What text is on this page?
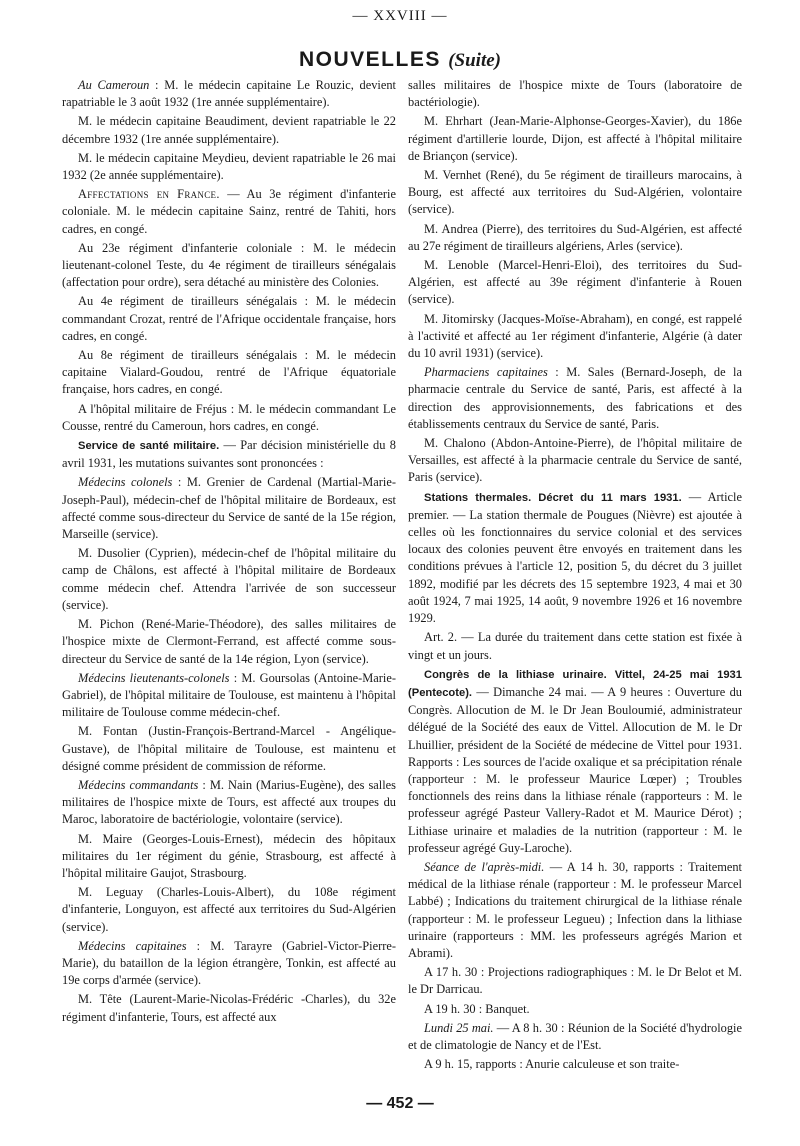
— XXVIII —
NOUVELLES (Suite)

Au Cameroun : M. le médecin capitaine Le Rouzic, devient rapatriable le 3 août 1932 (1re année supplémentaire).

M. le médecin capitaine Beaudiment, devient rapatriable le 22 décembre 1932 (1re année supplémentaire).

M. le médecin capitaine Meydieu, devient rapatriable le 26 mai 1932 (2e année supplémentaire).

Affectations en France. — Au 3e régiment d'infanterie coloniale. M. le médecin capitaine Sainz, rentré de Tahiti, hors cadres, en congé.

Au 23e régiment d'infanterie coloniale : M. le médecin lieutenant-colonel Teste, du 4e régiment de tirailleurs sénégalais (affectation pour ordre), sera détaché au ministère des Colonies.

Au 4e régiment de tirailleurs sénégalais : M. le médecin commandant Crozat, rentré de l'Afrique occidentale française, hors cadres, en congé.

Au 8e régiment de tirailleurs sénégalais : M. le médecin capitaine Vialard-Goudou, rentré de l'Afrique équatoriale française, hors cadres, en congé.

A l'hôpital militaire de Fréjus : M. le médecin commandant Le Cousse, rentré du Cameroun, hors cadres, en congé.

Service de santé militaire. — Par décision ministérielle du 8 avril 1931, les mutations suivantes sont prononcées :

Médecins colonels : M. Grenier de Cardenal (Martial-Marie-Joseph-Paul), médecin-chef de l'hôpital militaire de Bordeaux, est affecté comme sous-directeur du Service de santé de la 15e région, Marseille (service).

M. Dusolier (Cyprien), médecin-chef de l'hôpital militaire du camp de Châlons, est affecté à l'hôpital militaire de Bordeaux comme médecin chef. Attendra l'arrivée de son successeur (service).

M. Pichon (René-Marie-Théodore), des salles militaires de l'hospice mixte de Clermont-Ferrand, est affecté comme sous-directeur du Service de santé de la 14e région, Lyon (service).

Médecins lieutenants-colonels : M. Goursolas (Antoine-Marie-Gabriel), de l'hôpital militaire de Toulouse, est maintenu à l'hôpital militaire de Toulouse comme médecin-chef.

M. Fontan (Justin-François-Bertrand-Marcel - Angélique-Gustave), de l'hôpital militaire de Toulouse, est maintenu et désigné comme président de commission de réforme.

Médecins commandants : M. Nain (Marius-Eugène), des salles militaires de l'hospice mixte de Tours, est affecté aux troupes du Maroc, laboratoire de bactériologie, volontaire (service).

M. Maire (Georges-Louis-Ernest), médecin des hôpitaux militaires du 1er régiment du génie, Strasbourg, est affecté à l'hôpital militaire Gaujot, Strasbourg.

M. Leguay (Charles-Louis-Albert), du 108e régiment d'infanterie, Longuyon, est affecté aux territoires du Sud-Algérien (service).

Médecins capitaines : M. Tarayre (Gabriel-Victor-Pierre-Marie), du bataillon de la légion étrangère, Tonkin, est affecté au 19e corps d'armée (service).

M. Tête (Laurent-Marie-Nicolas-Frédéric -Charles), du 32e régiment d'infanterie, Tours, est affecté aux

salles militaires de l'hospice mixte de Tours (laboratoire de bactériologie).

M. Ehrhart (Jean-Marie-Alphonse-Georges-Xavier), du 186e régiment d'artillerie lourde, Dijon, est affecté à l'hôpital militaire de Briançon (service).

M. Vernhet (René), du 5e régiment de tirailleurs marocains, à Bourg, est affecté aux territoires du Sud-Algérien, volontaire (service).

M. Andrea (Pierre), des territoires du Sud-Algérien, est affecté au 27e régiment de tirailleurs algériens, Arles (service).

M. Lenoble (Marcel-Henri-Eloi), des territoires du Sud-Algérien, est affecté au 39e régiment d'infanterie à Rouen (service).

M. Jitomirsky (Jacques-Moïse-Abraham), en congé, est rappelé à l'activité et affecté au 1er régiment d'infanterie, Algérie (à dater du 10 avril 1931) (service).

Pharmaciens capitaines : M. Sales (Bernard-Joseph, de la pharmacie centrale du Service de santé, Paris, est affecté à la direction des approvisionnements, des fabrications et des établissements centraux du Service de santé, Paris.

M. Chalono (Abdon-Antoine-Pierre), de l'hôpital militaire de Versailles, est affecté à la pharmacie centrale du Service de santé, Paris (service).

Stations thermales. Décret du 11 mars 1931. — Article premier. — La station thermale de Pougues (Nièvre) est ajoutée à celles où les fonctionnaires du service colonial et des services locaux des colonies peuvent être envoyés en traitement dans les conditions prévues à l'article 12, position 5, du décret du 3 juillet 1892, modifié par les décrets des 15 septembre 1923, 4 mai et 30 août 1924, 7 mai 1925, 14 août, 9 novembre 1926 et 16 novembre 1929.

Art. 2. — La durée du traitement dans cette station est fixée à vingt et un jours.

Congrès de la lithiase urinaire. Vittel, 24-25 mai 1931 (Pentecote). — Dimanche 24 mai. — A 9 heures : Ouverture du Congrès. Allocution de M. le Dr Jean Bouloumié, administrateur délégué de la Société des eaux de Vittel. Allocution de M. le Dr Lhuillier, président de la Société de médecine de Vittel pour 1931. Rapports : Les sources de l'acide oxalique et sa précipitation rénale (rapporteur : M. le professeur Maurice Lœper) ; Troubles fonctionnels des reins dans la lithiase rénale (rapporteurs : M. le professeur agrégé Pasteur Vallery-Radot et M. Maurice Dérot) ; Lithiase urinaire et maladies de la nutrition (rapporteur : M. le professeur agrégé Guy-Laroche).

Séance de l'après-midi. — A 14 h. 30, rapports : Traitement médical de la lithiase rénale (rapporteur : M. le professeur Marcel Labbé) ; Indications du traitement chirurgical de la lithiase rénale (rapporteur : M. le professeur Legueu) ; Infection dans la lithiase urinaire (rapporteurs : MM. les professeurs agrégés Marion et Abrami).

A 17 h. 30 : Projections radiographiques : M. le Dr Belot et M. le Dr Darricau.

A 19 h. 30 : Banquet.

Lundi 25 mai. — A 8 h. 30 : Réunion de la Société d'hydrologie et de climatologie de Nancy et de l'Est.

A 9 h. 15, rapports : Anurie calculeuse et son traite-

— 452 —
